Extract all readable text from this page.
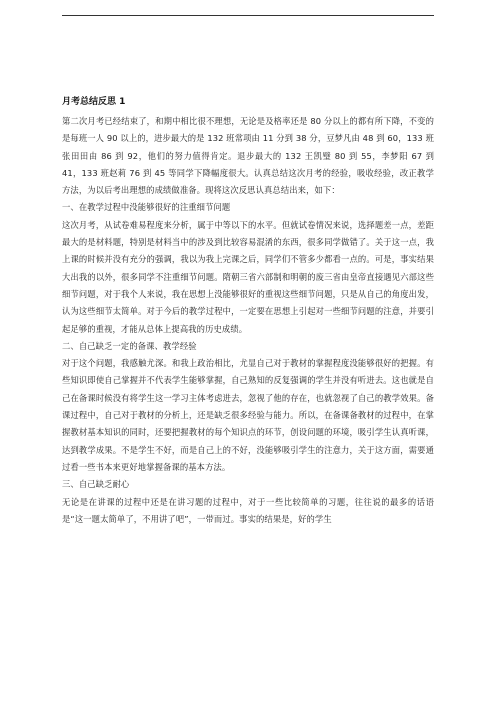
月考总结反思 1

第二次月考已经结束了，和期中相比很不理想，无论是及格率还是 80 分以上的都有所下降，不变的是每班一人 90 以上的，进步最大的是 132 班常项由 11 分到 38 分，豆梦凡由 48 到 60，133 班张田田由 86 到 92，他们的努力值得肯定。退步最大的 132 王凯璧 80 到 55，李梦阳 67 到 41，133 班赵莉 76 到 45 等同学下降幅度很大。认真总结这次月考的经验，吸收经验，改正教学方法，为以后考出理想的成绩做准备。现将这次反思认真总结出来，如下：

一、在教学过程中没能够很好的注重细节问题

这次月考，从试卷难易程度来分析，属于中等以下的水平。但就试卷情况来说，选择题差一点，差距最大的是材料题，特别是材料当中的涉及到比较容易混淆的东西，很多同学做错了。关于这一点，我上课的时候并没有充分的强调，我以为我上完课之后，同学们不管多少都看一点的。可是，事实结果大出我的以外，很多同学不注重细节问题。隋朝三省六部制和明朝的废三省由皇帝直接遇见六部这些细节问题，对于我个人来说，我在思想上没能够很好的重视这些细节问题，只是从自己的角度出发，认为这些细节太简单。对于今后的教学过程中，一定要在思想上引起对一些细节问题的注意，并要引起足够的重视，才能从总体上提高我的历史成绩。

二、自己缺乏一定的备课、教学经验

对于这个问题，我感触尤深。和我上政治相比，尤显自己对于教材的掌握程度没能够很好的把握。有些知识即使自己掌握并不代表学生能够掌握，自己熟知的反复强调的学生并没有听进去。这也就是自己在备课时候没有将学生这一学习主体考虑进去，忽视了他的存在，也就忽视了自己的教学效果。备课过程中，自己对于教材的分析上，还是缺乏很多经验与能力。所以，在备课备教材的过程中，在掌握教材基本知识的同时，还要把握教材的每个知识点的环节，创设问题的环境，吸引学生认真听课，达到教学成果。不是学生不好，而是自己上的不好，没能够吸引学生的注意力，关于这方面，需要通过看一些书本来更好地掌握备课的基本方法。

三、自己缺乏耐心

无论是在讲课的过程中还是在讲习题的过程中，对于一些比较简单的习题，往往说的最多的话语是“这一题太简单了，不用讲了吧”，一带而过。事实的结果是，好的学生
